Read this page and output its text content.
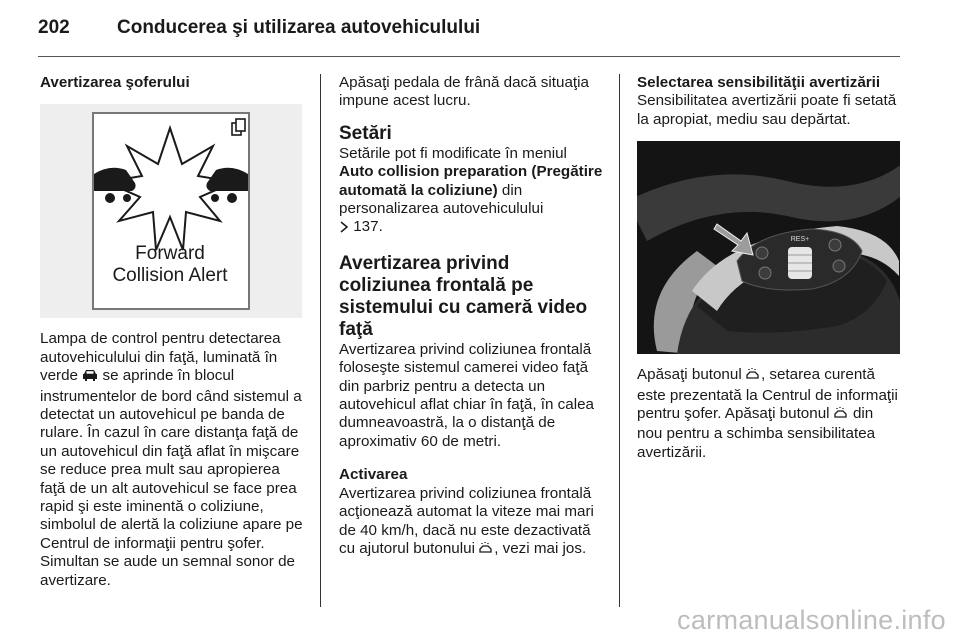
202 Conducerea şi utilizarea autovehiculului

Avertizarea şoferului

Forward
Collision Alert

Lampa de control pentru detectarea autovehiculului din faţă, luminată în verde se aprinde în blocul instrumentelor de bord când sistemul a detectat un autovehicul pe banda de rulare. În cazul în care distanţa faţă de un autovehicul din faţă aflat în mişcare se reduce prea mult sau apropierea faţă de un alt autovehicul se face prea rapid şi este iminentă o coliziune, simbolul de alertă la coliziune apare pe Centrul de informaţii pentru şofer. Simultan se aude un semnal sonor de avertizare.

Apăsaţi pedala de frână dacă situaţia impune acest lucru.

Setări

Setările pot fi modificate în meniul
Auto collision preparation (Pregătire automată la coliziune) din personalizarea autovehiculului
137.

Avertizarea privind coliziunea frontală pe sistemului cu cameră video faţă

Avertizarea privind coliziunea frontală foloseşte sistemul camerei video faţă din parbriz pentru a detecta un autovehicul aflat chiar în faţă, în calea dumneavoastră, la o distanţă de aproximativ 60 de metri.

Activarea

Avertizarea privind coliziunea frontală acţionează automat la viteze mai mari de 40 km/h, dacă nu este dezactivată cu ajutorul butonului , vezi mai jos.

Selectarea sensibilităţii avertizării

Sensibilitatea avertizării poate fi setată la apropiat, mediu sau depărtat.

RES+

Apăsaţi butonul , setarea curentă este prezentată la Centrul de informaţii pentru şofer. Apăsaţi butonul din nou pentru a schimba sensibilitatea avertizării.

carmanualsonline.info
